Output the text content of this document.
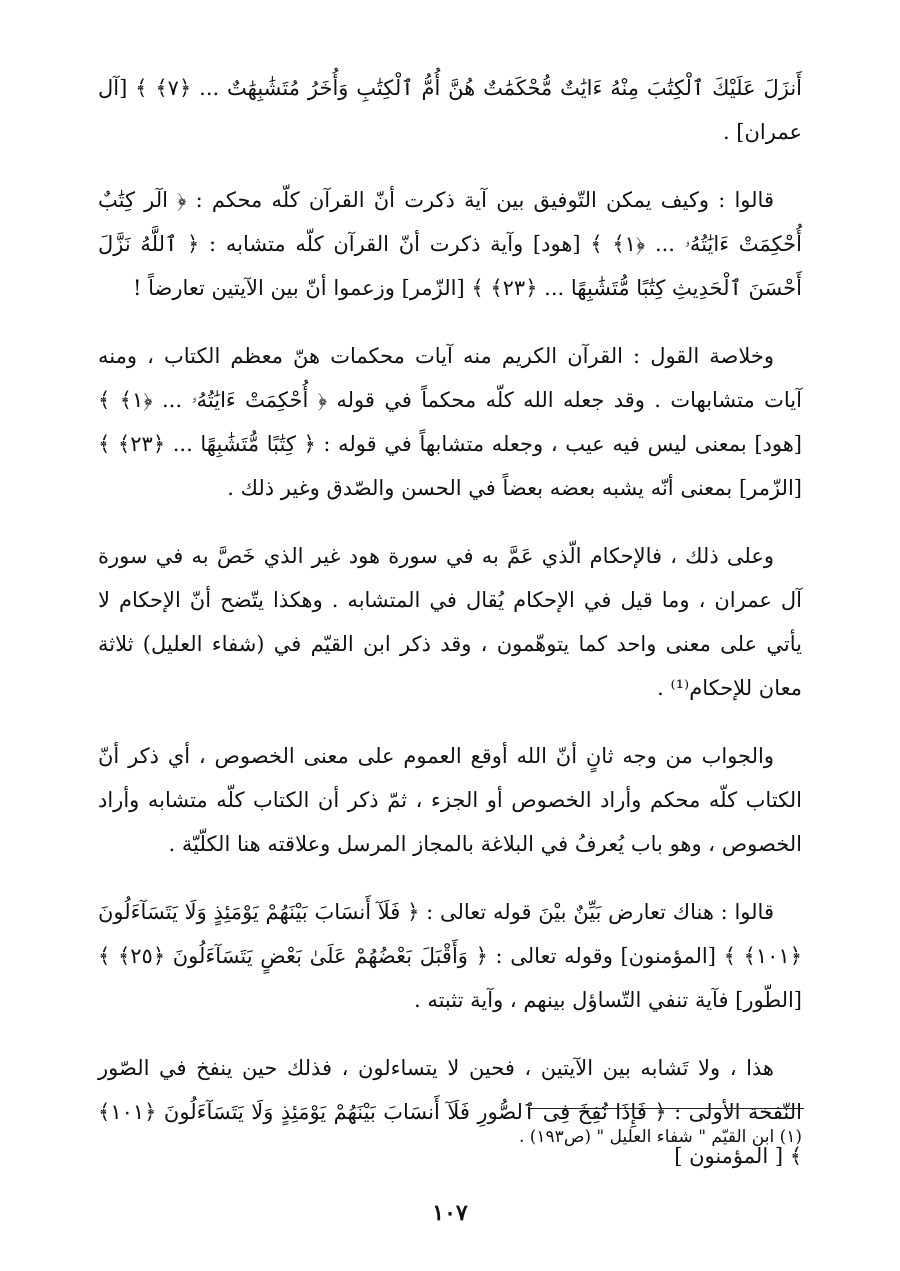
أَنزَلَ عَلَيْكَ ٱلْكِتَٰبَ مِنْهُ ءَايَٰتٌ مُّحْكَمَٰتٌ هُنَّ أُمُّ ٱلْكِتَٰبِ وَأُخَرُ مُتَشَٰبِهَٰتٌ ... ﴿٧﴾ ﴾ [آل عمران] .

قالوا : وكيف يمكن التّوفيق بين آية ذكرت أنّ القرآن كلّه محكم : ﴿ الٓر كِتَٰبٌ أُحْكِمَتْ ءَايَٰتُهُۥ ... ﴿١﴾ ﴾ [هود] وآية ذكرت أنّ القرآن كلّه متشابه : ﴿ ٱللَّهُ نَزَّلَ أَحْسَنَ ٱلْحَدِيثِ كِتَٰبًا مُّتَشَٰبِهًا ... ﴿٢٣﴾ ﴾ [الزّمر] وزعموا أنّ بين الآيتين تعارضاً !

وخلاصة القول : القرآن الكريم منه آيات محكمات هنّ معظم الكتاب ، ومنه آيات متشابهات . وقد جعله الله كلّه محكماً في قوله ﴿ أُحْكِمَتْ ءَايَٰتُهُۥ ... ﴿١﴾ ﴾ [هود] بمعنى ليس فيه عيب ، وجعله متشابهاً في قوله : ﴿ كِتَٰبًا مُّتَشَٰبِهًا ... ﴿٢٣﴾ ﴾ [الزّمر] بمعنى أنّه يشبه بعضه بعضاً في الحسن والصّدق وغير ذلك .

وعلى ذلك ، فالإحكام الّذي عَمَّ به في سورة هود غير الذي خَصَّ به في سورة آل عمران ، وما قيل في الإحكام يُقال في المتشابه . وهكذا يتّضح أنّ الإحكام لا يأتي على معنى واحد كما يتوهّمون ، وقد ذكر ابن القيّم في (شفاء العليل) ثلاثة معان للإحكام⁽¹⁾ .

والجواب من وجه ثانٍ أنّ الله أوقع العموم على معنى الخصوص ، أي ذكر أنّ الكتاب كلّه محكم وأراد الخصوص أو الجزء ، ثمّ ذكر أن الكتاب كلّه متشابه وأراد الخصوص ، وهو باب يُعرفُ في البلاغة بالمجاز المرسل وعلاقته هنا الكلّيّة .

قالوا : هناك تعارض بَيِّنٌ بيْنَ قوله تعالى : ﴿ فَلَآ أَنسَابَ بَيْنَهُمْ يَوْمَئِذٍ وَلَا يَتَسَآءَلُونَ ﴿١٠١﴾ ﴾ [المؤمنون] وقوله تعالى : ﴿ وَأَقْبَلَ بَعْضُهُمْ عَلَىٰ بَعْضٍ يَتَسَآءَلُونَ ﴿٢٥﴾ ﴾ [الطّور] فآية تنفي التّساؤل بينهم ، وآية تثبته .

هذا ، ولا تَشابه بين الآيتين ، فحين لا يتساءلون ، فذلك حين ينفخ في الصّور النّفخة الأولى : ﴿ فَإِذَا نُفِخَ فِى ٱلصُّورِ فَلَآ أَنسَابَ بَيْنَهُمْ يَوْمَئِذٍ وَلَا يَتَسَآءَلُونَ ﴿١٠١﴾ ﴾ [ المؤمنون ]

(١) ابن القيّم " شفاء العليل " (ص١٩٣) .
١٠٧
